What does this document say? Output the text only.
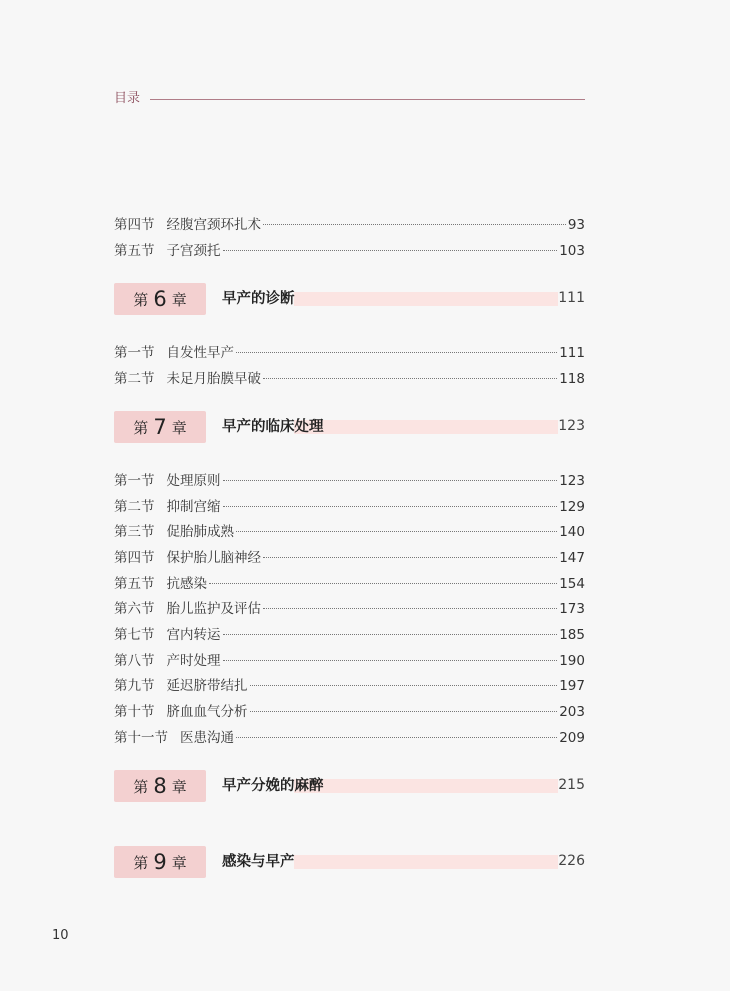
目录
第四节 经腹宫颈环扎术	93
第五节 子宫颈托	103
第 6 章 早产的诊断	111
第一节 自发性早产	111
第二节 未足月胎膜早破	118
第 7 章 早产的临床处理	123
第一节 处理原则	123
第二节 抑制宫缩	129
第三节 促胎肺成熟	140
第四节 保护胎儿脑神经	147
第五节 抗感染	154
第六节 胎儿监护及评估	173
第七节 宫内转运	185
第八节 产时处理	190
第九节 延迟脐带结扎	197
第十节 脐血血气分析	203
第十一节 医患沟通	209
第 8 章 早产分娩的麻醉	215
第 9 章 感染与早产	226
10
